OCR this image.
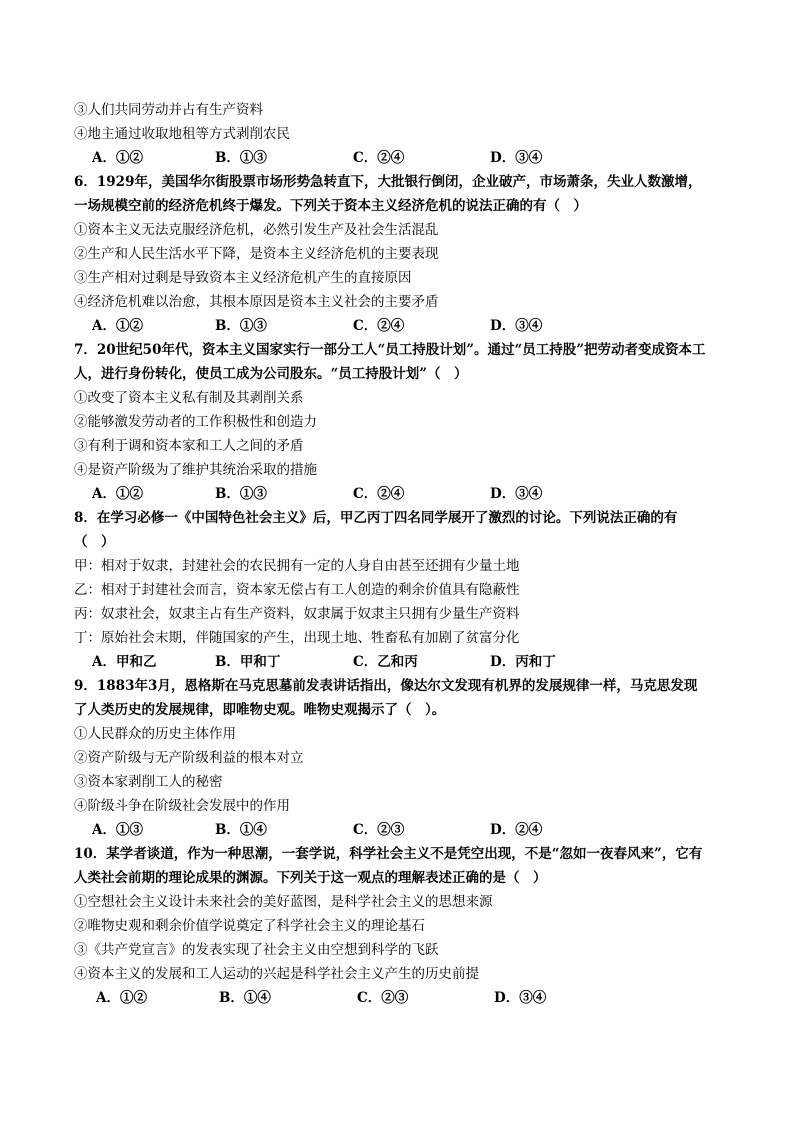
③人们共同劳动并占有生产资料
④地主通过收取地租等方式剥削农民
A．①②	B．①③	C．②④	D．③④
6．1929年，美国华尔街股票市场形势急转直下，大批银行倒闭，企业破产，市场萧条，失业人数激增，
一场规模空前的经济危机终于爆发。下列关于资本主义经济危机的说法正确的有（　）
①资本主义无法克服经济危机，必然引发生产及社会生活混乱
②生产和人民生活水平下降，是资本主义经济危机的主要表现
③生产相对过剩是导致资本主义经济危机产生的直接原因
④经济危机难以治愈，其根本原因是资本主义社会的主要矛盾
A．①②	B．①③	C．②④	D．③④
7．20世纪50年代，资本主义国家实行一部分工人“员工持股计划”。通过“员工持股”把劳动者变成资本工
人，进行身份转化，使员工成为公司股东。“员工持股计划”（　）
①改变了资本主义私有制及其剥削关系
②能够激发劳动者的工作积极性和创造力
③有利于调和资本家和工人之间的矛盾
④是资产阶级为了维护其统治采取的措施
A．①②	B．①③	C．②④	D．③④
8．在学习必修一《中国特色社会主义》后，甲乙丙丁四名同学展开了激烈的讨论。下列说法正确的有
（　）
甲：相对于奴隶，封建社会的农民拥有一定的人身自由甚至还拥有少量土地
乙：相对于封建社会而言，资本家无偿占有工人创造的剩余价值具有隐蔽性
丙：奴隶社会，奴隶主占有生产资料，奴隶属于奴隶主只拥有少量生产资料
丁：原始社会末期，伴随国家的产生，出现土地、牲畜私有加剧了贫富分化
A．甲和乙	B．甲和丁	C．乙和丙	D．丙和丁
9．1883年3月，恩格斯在马克思墓前发表讲话指出，像达尔文发现有机界的发展规律一样，马克思发现
了人类历史的发展规律，即唯物史观。唯物史观揭示了（　）。
①人民群众的历史主体作用
②资产阶级与无产阶级利益的根本对立
③资本家剥削工人的秘密
④阶级斗争在阶级社会发展中的作用
A．①③	B．①④	C．②③	D．②④
10．某学者谈道，作为一种思潮，一套学说，科学社会主义不是凭空出现，不是“忽如一夜春风来”，它有
人类社会前期的理论成果的渊源。下列关于这一观点的理解表述正确的是（　）
①空想社会主义设计未来社会的美好蓝图，是科学社会主义的思想来源
②唯物史观和剩余价值学说奠定了科学社会主义的理论基石
③《共产党宣言》的发表实现了社会主义由空想到科学的飞跃
④资本主义的发展和工人运动的兴起是科学社会主义产生的历史前提
A．①②	B．①④	C．②③	D．③④
